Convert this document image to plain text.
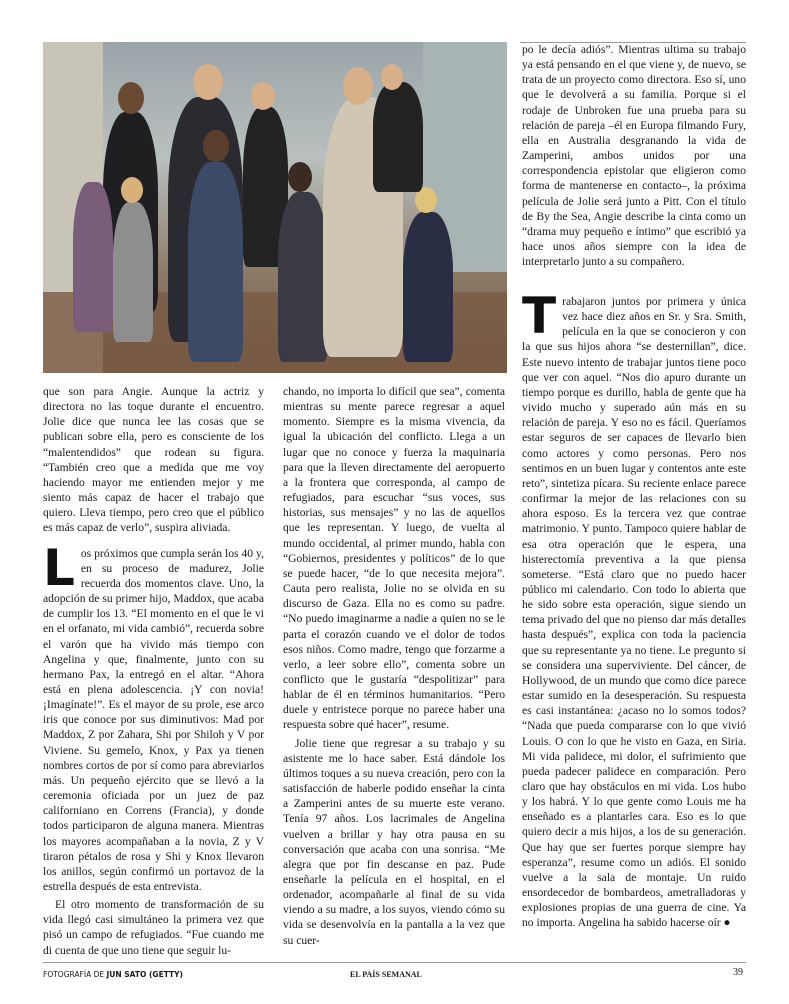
que son para Angie. Aunque la actriz y directora no las toque durante el encuentro. Jolie dice que nunca lee las cosas que se publican sobre ella, pero es consciente de los “malentendidos” que rodean su figura. “También creo que a medida que me voy haciendo mayor me entienden mejor y me siento más capaz de hacer el trabajo que quiero. Lleva tiempo, pero creo que el público es más capaz de verlo”, suspira aliviada.

Los próximos que cumpla serán los 40 y, en su proceso de madurez, Jolie recuerda dos momentos clave. Uno, la adopción de su primer hijo, Maddox, que acaba de cumplir los 13. “El momento en el que le vi en el orfanato, mi vida cambió”, recuerda sobre el varón que ha vivido más tiempo con Angelina y que, finalmente, junto con su hermano Pax, la entregó en el altar. “Ahora está en plena adolescencia. ¡Y con novia! ¡Imagínate!”. Es el mayor de su prole, ese arco iris que conoce por sus diminutivos: Mad por Maddox, Z por Zahara, Shi por Shiloh y V por Viviene. Su gemelo, Knox, y Pax ya tienen nombres cortos de por sí como para abreviarlos más. Un pequeño ejército que se llevó a la ceremonia oficiada por un juez de paz californiano en Correns (Francia), y donde todos participaron de alguna manera. Mientras los mayores acompañaban a la novia, Z y V tiraron pétalos de rosa y Shi y Knox llevaron los anillos, según confirmó un portavoz de la estrella después de esta entrevista.

El otro momento de transformación de su vida llegó casi simultáneo la primera vez que pisó un campo de refugiados. “Fue cuando me di cuenta de que uno tiene que seguir lu-

chando, no importa lo difícil que sea”, comenta mientras su mente parece regresar a aquel momento. Siempre es la misma vivencia, da igual la ubicación del conflicto. Llega a un lugar que no conoce y fuerza la maquinaria para que la lleven directamente del aeropuerto a la frontera que corresponda, al campo de refugiados, para escuchar “sus voces, sus historias, sus mensajes” y no las de aquellos que les representan. Y luego, de vuelta al mundo occidental, al primer mundo, habla con “Gobiernos, presidentes y políticos” de lo que se puede hacer, “de lo que necesita mejora”. Cauta pero realista, Jolie no se olvida en su discurso de Gaza. Ella no es como su padre. “No puedo imaginarme a nadie a quien no se le parta el corazón cuando ve el dolor de todos esos niños. Como madre, tengo que forzarme a verlo, a leer sobre ello”, comenta sobre un conflicto que le gustaría “despolitizar” para hablar de él en términos humanitarios. “Pero duele y entristece porque no parece haber una respuesta sobre qué hacer”, resume.

Jolie tiene que regresar a su trabajo y su asistente me lo hace saber. Está dándole los últimos toques a su nueva creación, pero con la satisfacción de haberle podido enseñar la cinta a Zamperini antes de su muerte este verano. Tenía 97 años. Los lacrimales de Angelina vuelven a brillar y hay otra pausa en su conversación que acaba con una sonrisa. “Me alegra que por fin descanse en paz. Pude enseñarle la película en el hospital, en el ordenador, acompañarle al final de su vida viendo a su madre, a los suyos, viendo cómo su vida se desenvolvía en la pantalla a la vez que su cuer-

po le decía adiós”. Mientras ultima su trabajo ya está pensando en el que viene y, de nuevo, se trata de un proyecto como directora. Eso sí, uno que le devolverá a su familia. Porque si el rodaje de Unbroken fue una prueba para su relación de pareja –él en Europa filmando Fury, ella en Australia desgranando la vida de Zamperini, ambos unidos por una correspondencia epistolar que eligieron como forma de mantenerse en contacto–, la próxima película de Jolie será junto a Pitt. Con el título de By the Sea, Angie describe la cinta como un “drama muy pequeño e íntimo” que escribió ya hace unos años siempre con la idea de interpretarlo junto a su compañero.

Trabajaron juntos por primera y única vez hace diez años en Sr. y Sra. Smith, película en la que se conocieron y con la que sus hijos ahora “se desternillan”, dice. Este nuevo intento de trabajar juntos tiene poco que ver con aquel. “Nos dio apuro durante un tiempo porque es durillo, habla de gente que ha vivido mucho y superado aún más en su relación de pareja. Y eso no es fácil. Queríamos estar seguros de ser capaces de llevarlo bien como actores y como personas. Pero nos sentimos en un buen lugar y contentos ante este reto”, sintetiza pícara. Su reciente enlace parece confirmar la mejor de las relaciones con su ahora esposo. Es la tercera vez que contrae matrimonio. Y punto. Tampoco quiere hablar de esa otra operación que le espera, una histerectomía preventiva a la que piensa someterse. “Está claro que no puedo hacer público mi calendario. Con todo lo abierta que he sido sobre esta operación, sigue siendo un tema privado del que no pienso dar más detalles hasta después”, explica con toda la paciencia que su representante ya no tiene. Le pregunto si se considera una superviviente. Del cáncer, de Hollywood, de un mundo que como dice parece estar sumido en la desesperación. Su respuesta es casi instantánea: ¿acaso no lo somos todos? “Nada que pueda compararse con lo que vivió Louis. O con lo que he visto en Gaza, en Siria. Mi vida palidece, mi dolor, el sufrimiento que pueda padecer palidece en comparación. Pero claro que hay obstáculos en mi vida. Los hubo y los habrá. Y lo que gente como Louis me ha enseñado es a plantarles cara. Eso es lo que quiero decir a mis hijos, a los de su generación. Que hay que ser fuertes porque siempre hay esperanza”, resume como un adiós. El sonido vuelve a la sala de montaje. Un ruido ensordecedor de bombardeos, ametralladoras y explosiones propias de una guerra de cine. Ya no importa. Angelina ha sabido hacerse oír ●

FOTOGRAFÍA DE JUN SATO (GETTY)	EL PAÍS SEMANAL	39
